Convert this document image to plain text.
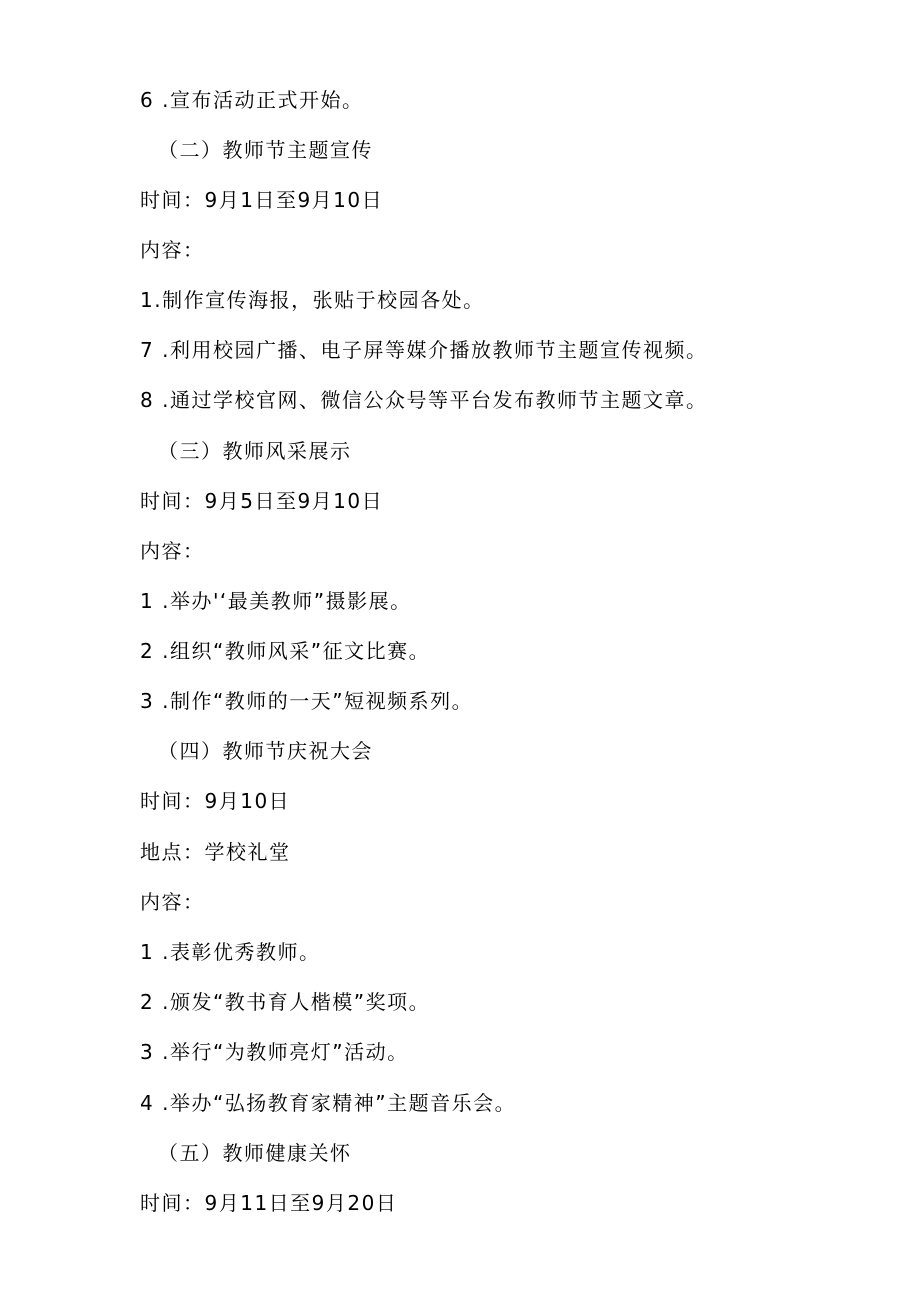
6 .宣布活动正式开始。
（二）教师节主题宣传
时间：9月1日至9月10日
内容：
1.制作宣传海报，张贴于校园各处。
7 .利用校园广播、电子屏等媒介播放教师节主题宣传视频。
8 .通过学校官网、微信公众号等平台发布教师节主题文章。
（三）教师风采展示
时间：9月5日至9月10日
内容：
1 .举办'‘最美教师”摄影展。
2 .组织“教师风采”征文比赛。
3 .制作“教师的一天”短视频系列。
（四）教师节庆祝大会
时间：9月10日
地点：学校礼堂
内容：
1 .表彰优秀教师。
2 .颁发“教书育人楷模”奖项。
3 .举行“为教师亮灯”活动。
4 .举办“弘扬教育家精神”主题音乐会。
（五）教师健康关怀
时间：9月11日至9月20日
